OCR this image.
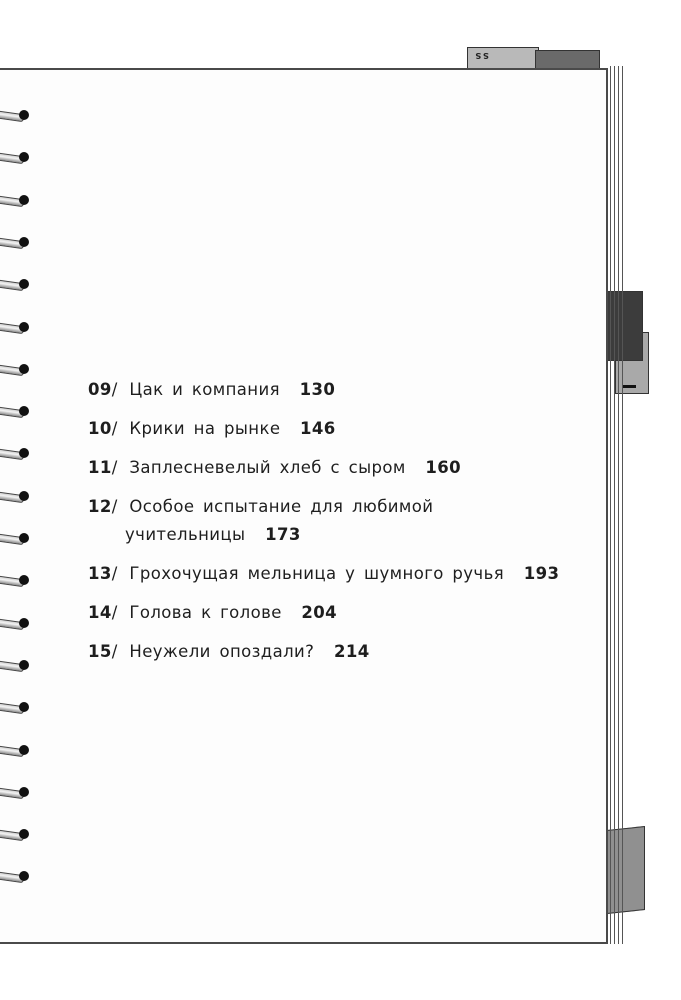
ss
09/ Цак и компания 130
10/ Крики на рынке 146
11/ Заплесневелый хлеб с сыром 160
12/ Особое испытание для любимой
учительницы 173
13/ Грохочущая мельница у шумного ручья 193
14/ Голова к голове 204
15/ Неужели опоздали? 214
